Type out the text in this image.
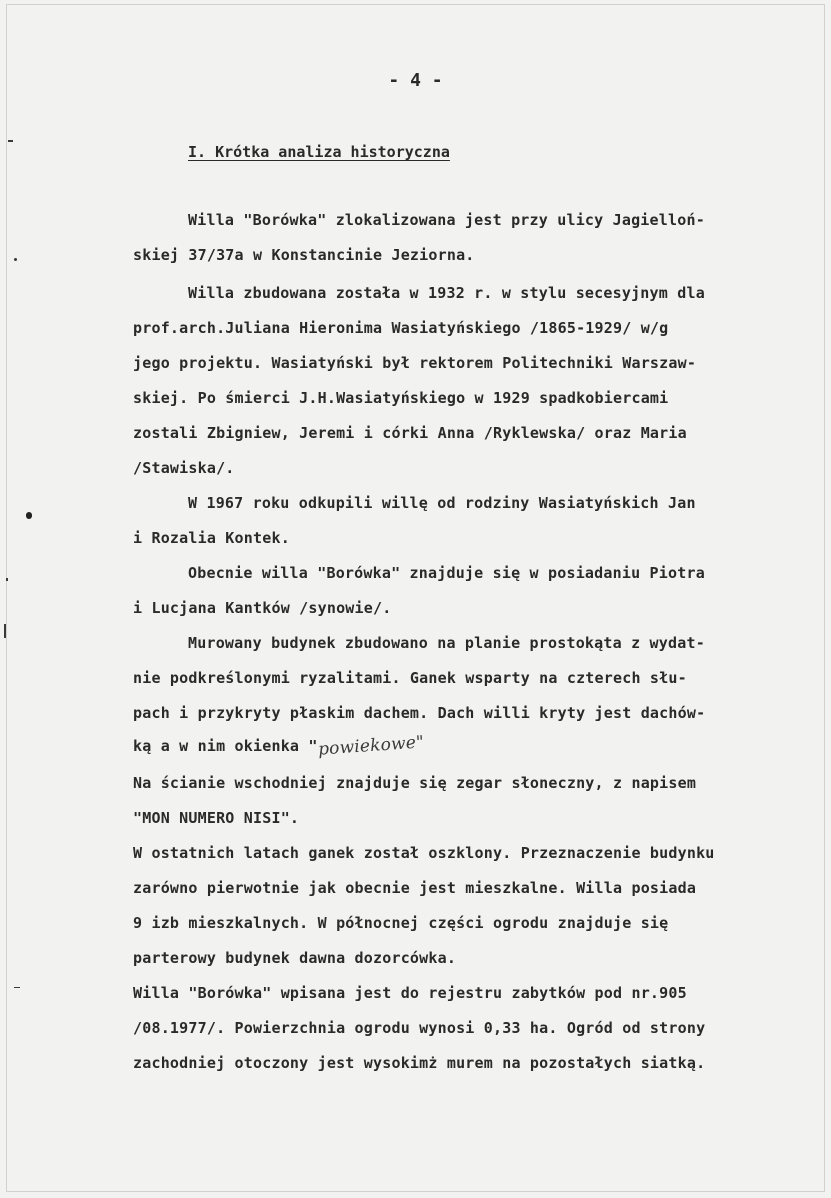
- 4 -
I. Krótka analiza historyczna
Willa "Borówka" zlokalizowana jest przy ulicy Jagielloń-
skiej 37/37a w Konstancinie Jeziorna.
Willa zbudowana została w 1932 r. w stylu secesyjnym dla
prof.arch.Juliana Hieronima Wasiatyńskiego /1865-1929/ w/g
jego projektu. Wasiatyński był rektorem Politechniki Warszaw-
skiej. Po śmierci J.H.Wasiatyńskiego w 1929 spadkobiercami
zostali Zbigniew, Jeremi i córki Anna /Ryklewska/ oraz Maria
/Stawiska/.
W 1967 roku odkupili willę od rodziny Wasiatyńskich Jan
i Rozalia Kontek.
Obecnie willa "Borówka" znajduje się w posiadaniu Piotra
i Lucjana Kantków /synowie/.
Murowany budynek zbudowano na planie prostokąta z wydat-
nie podkreślonymi ryzalitami. Ganek wsparty na czterech słu-
pach i przykryty płaskim dachem. Dach willi kryty jest dachów-
ką a w nim okienka "powiekowe"
Na ścianie wschodniej znajduje się zegar słoneczny, z napisem
"MON NUMERO NISI".
W ostatnich latach ganek został oszklony. Przeznaczenie budynku
zarówno pierwotnie jak obecnie jest mieszkalne. Willa posiada
9 izb mieszkalnych. W północnej części ogrodu znajduje się
parterowy budynek dawna dozorcówka.
Willa "Borówka" wpisana jest do rejestru zabytków pod nr.905
/08.1977/. Powierzchnia ogrodu wynosi 0,33 ha. Ogród od strony
zachodniej otoczony jest wysokimż murem na pozostałych siatką.
